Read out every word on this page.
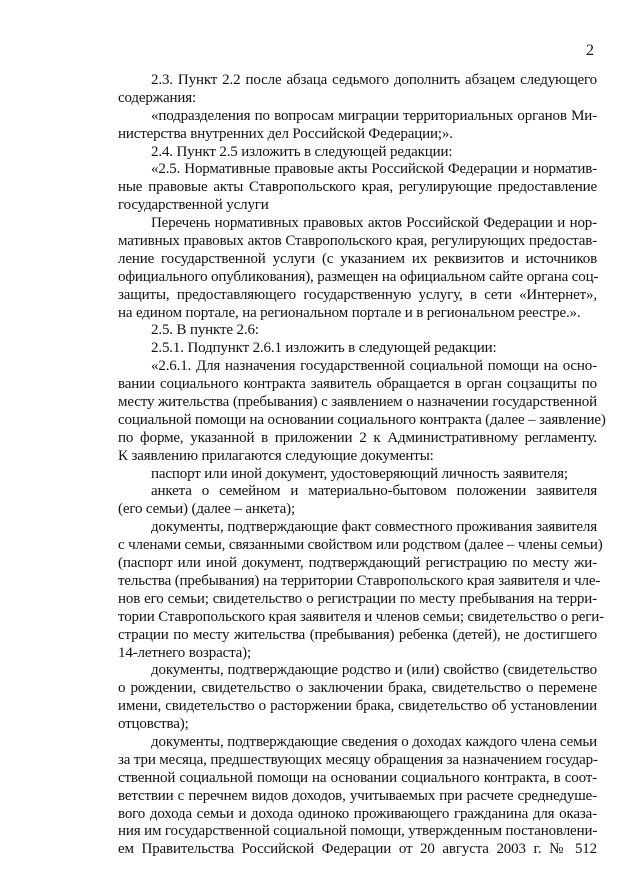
2
2.3. Пункт 2.2 после абзаца седьмого дополнить абзацем следующего
содержания:
«подразделения по вопросам миграции территориальных органов Ми-
нистерства внутренних дел Российской Федерации;».
2.4. Пункт 2.5 изложить в следующей редакции:
«2.5. Нормативные правовые акты Российской Федерации и норматив-
ные правовые акты Ставропольского края, регулирующие предоставление
государственной услуги
Перечень нормативных правовых актов Российской Федерации и нор-
мативных правовых актов Ставропольского края, регулирующих предостав-
ление государственной услуги (с указанием их реквизитов и источников
официального опубликования), размещен на официальном сайте органа соц-
защиты, предоставляющего государственную услугу, в сети «Интернет»,
на едином портале, на региональном портале и в региональном реестре.».
2.5. В пункте 2.6:
2.5.1. Подпункт 2.6.1 изложить в следующей редакции:
«2.6.1. Для назначения государственной социальной помощи на осно-
вании социального контракта заявитель обращается в орган соцзащиты по
месту жительства (пребывания) с заявлением о назначении государственной
социальной помощи на основании социального контракта (далее – заявление)
по форме, указанной в приложении 2 к Административному регламенту.
К заявлению прилагаются следующие документы:
паспорт или иной документ, удостоверяющий личность заявителя;
анкета о семейном и материально-бытовом положении заявителя
(его семьи) (далее – анкета);
документы, подтверждающие факт совместного проживания заявителя
с членами семьи, связанными свойством или родством (далее – члены семьи)
(паспорт или иной документ, подтверждающий регистрацию по месту жи-
тельства (пребывания) на территории Ставропольского края заявителя и чле-
нов его семьи; свидетельство о регистрации по месту пребывания на терри-
тории Ставропольского края заявителя и членов семьи; свидетельство о реги-
страции по месту жительства (пребывания) ребенка (детей), не достигшего
14-летнего возраста);
документы, подтверждающие родство и (или) свойство (свидетельство
о рождении, свидетельство о заключении брака, свидетельство о перемене
имени, свидетельство о расторжении брака, свидетельство об установлении
отцовства);
документы, подтверждающие сведения о доходах каждого члена семьи
за три месяца, предшествующих месяцу обращения за назначением государ-
ственной социальной помощи на основании социального контракта, в соот-
ветствии с перечнем видов доходов, учитываемых при расчете среднедуше-
вого дохода семьи и дохода одиноко проживающего гражданина для оказа-
ния им государственной социальной помощи, утвержденным постановлени-
ем Правительства Российской Федерации от 20 августа 2003 г. № 512
